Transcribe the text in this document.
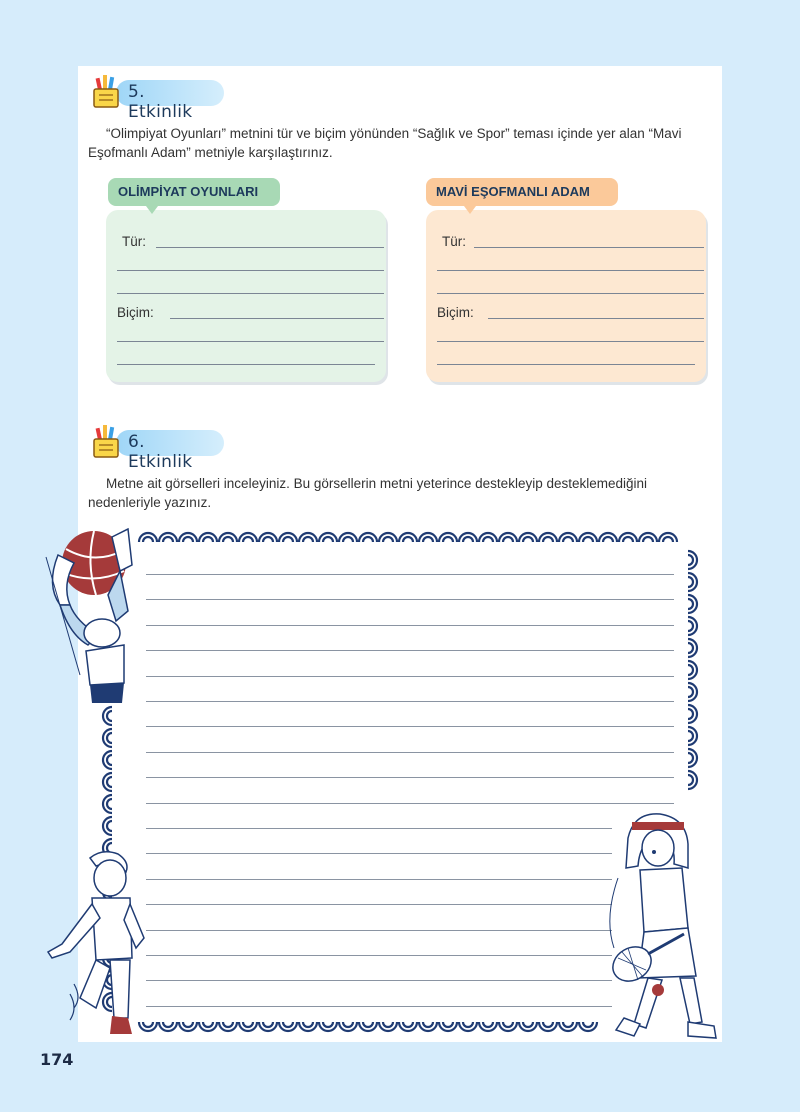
5. Etkinlik
“Olimpiyat Oyunları” metnini tür ve biçim yönünden “Sağlık ve Spor” teması içinde yer alan “Mavi Eşofmanlı Adam” metniyle karşılaştırınız.
OLİMPİYAT OYUNLARI
Tür:
Biçim:
MAVİ EŞOFMANLI ADAM
Tür:
Biçim:
6. Etkinlik
Metne ait görselleri inceleyiniz. Bu görsellerin metni yeterince destekleyip desteklemediğini nedenleriyle yazınız.
174
